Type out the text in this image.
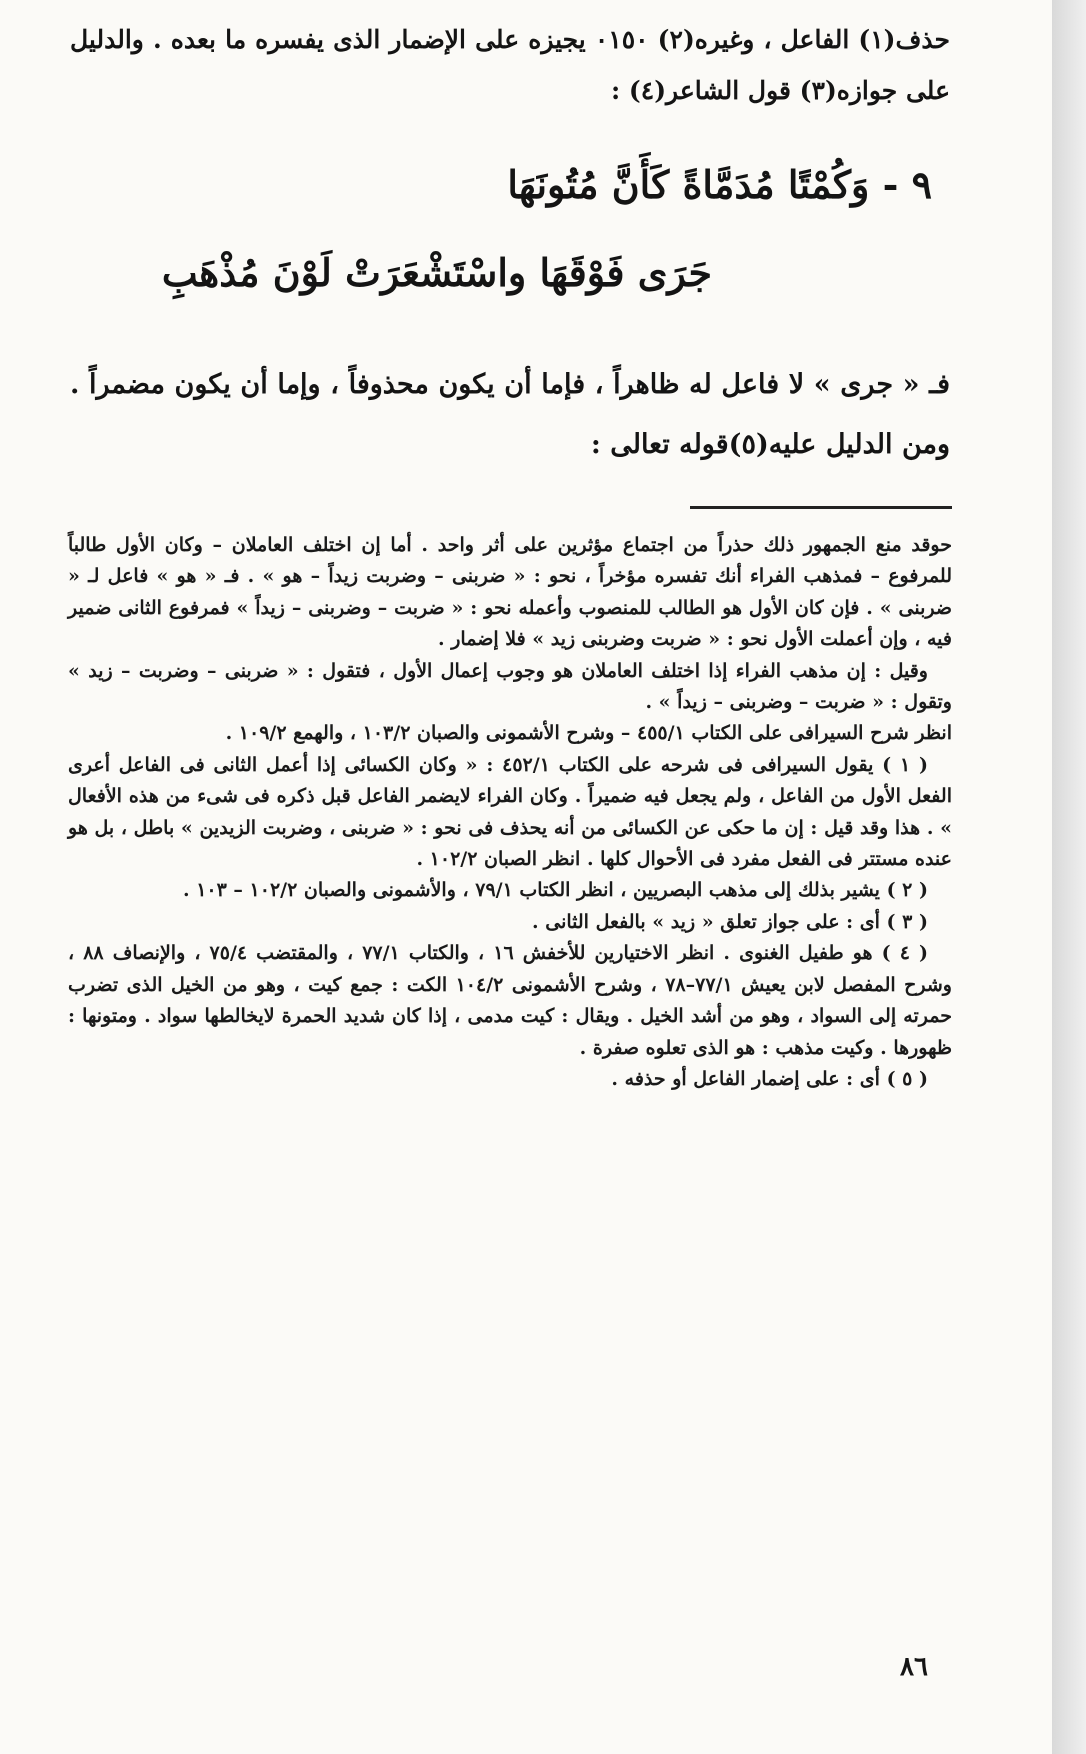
حذف(١) الفاعل ، وغيره(٢) ٠١٥٠ يجيزه على الإضمار الذى يفسره ما بعده . والدليل على جوازه(٣) قول الشاعر(٤) :
٩ - وَكُمْتًا مُدَمَّاةً كَأَنَّ مُتُونَهَا
جَرَى فَوْقَهَا واسْتَشْعَرَتْ لَوْنَ مُذْهَبِ
فـ « جرى » لا فاعل له ظاهراً ، فإما أن يكون محذوفاً ، وإما أن يكون مضمراً . ومن الدليل عليه(٥)قوله تعالى :

حوقد منع الجمهور ذلك حذراً من اجتماع مؤثرين على أثر واحد . أما إن اختلف العاملان – وكان الأول طالباً للمرفوع – فمذهب الفراء أنك تفسره مؤخراً ، نحو : « ضربنى – وضربت زيداً – هو » . فـ « هو » فاعل لـ « ضربنى » . فإن كان الأول هو الطالب للمنصوب وأعمله نحو : « ضربت – وضربنى – زيداً » فمرفوع الثانى ضمير فيه ، وإن أعملت الأول نحو : « ضربت وضربنى زيد » فلا إضمار .

وقيل : إن مذهب الفراء إذا اختلف العاملان هو وجوب إعمال الأول ، فتقول : « ضربنى – وضربت – زيد » وتقول : « ضربت – وضربنى – زيداً » .

انظر شرح السيرافى على الكتاب ٤٥٥/١ – وشرح الأشمونى والصبان ١٠٣/٢ ، والهمع ١٠٩/٢ .

( ١ ) يقول السيرافى فى شرحه على الكتاب ٤٥٢/١ : « وكان الكسائى إذا أعمل الثانى فى الفاعل أعرى الفعل الأول من الفاعل ، ولم يجعل فيه ضميراً . وكان الفراء لايضمر الفاعل قبل ذكره فى شىء من هذه الأفعال » . هذا وقد قيل : إن ما حكى عن الكسائى من أنه يحذف فى نحو : « ضربنى ، وضربت الزيدين » باطل ، بل هو عنده مستتر فى الفعل مفرد فى الأحوال كلها . انظر الصبان ١٠٢/٢ .

( ٢ ) يشير بذلك إلى مذهب البصريين ، انظر الكتاب ٧٩/١ ، والأشمونى والصبان ١٠٢/٢ – ١٠٣ .

( ٣ ) أى : على جواز تعلق « زيد » بالفعل الثانى .

( ٤ ) هو طفيل الغنوى . انظر الاختيارين للأخفش ١٦ ، والكتاب ٧٧/١ ، والمقتضب ٧٥/٤ ، والإنصاف ٨٨ ، وشرح المفصل لابن يعيش ٧٧/١–٧٨ ، وشرح الأشمونى ١٠٤/٢ الكت : جمع كيت ، وهو من الخيل الذى تضرب حمرته إلى السواد ، وهو من أشد الخيل . ويقال : كيت مدمى ، إذا كان شديد الحمرة لايخالطها سواد . ومتونها : ظهورها . وكيت مذهب : هو الذى تعلوه صفرة .

( ٥ ) أى : على إضمار الفاعل أو حذفه .

٨٦
